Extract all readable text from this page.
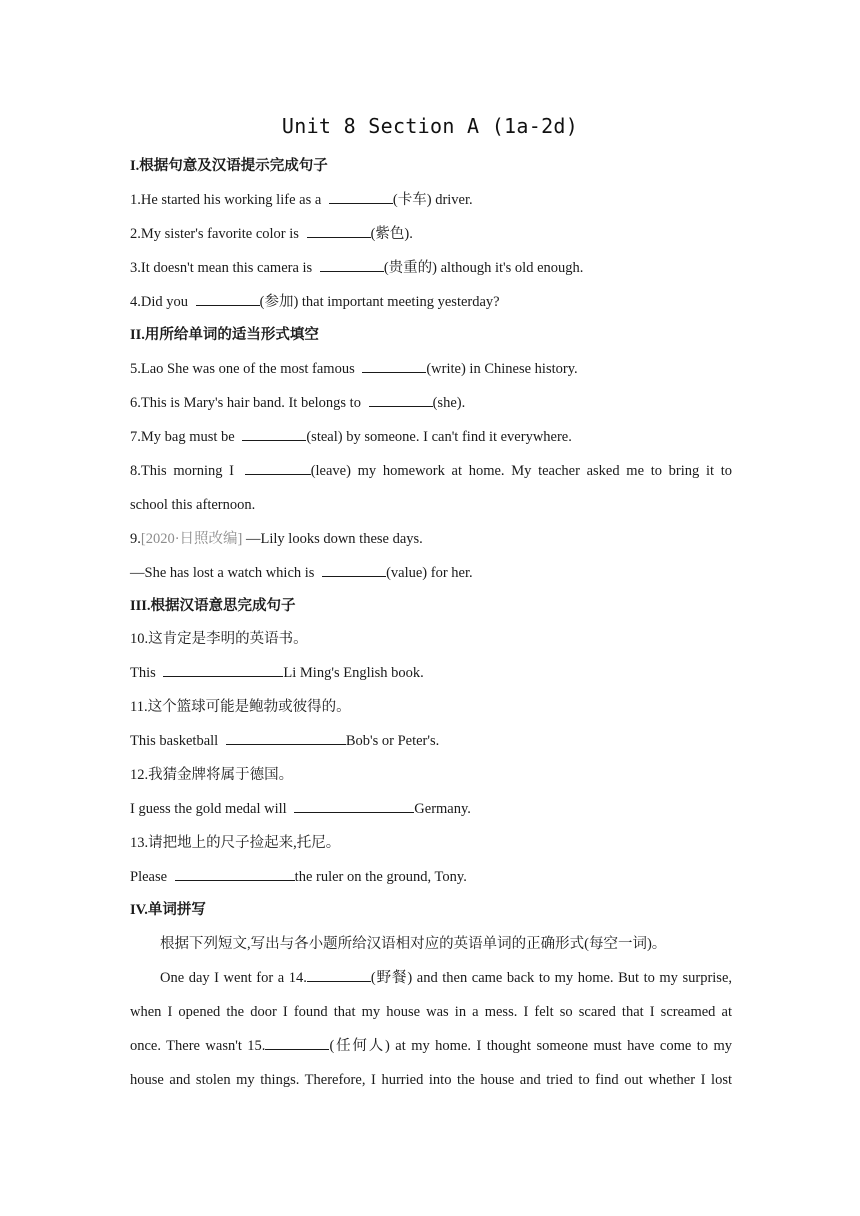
Unit 8 Section A (1a-2d)
I.根据句意及汉语提示完成句子
1.He started his working life as a	(卡车) driver.
2.My sister's favorite color is	(紫色).
3.It doesn't mean this camera is	(贵重的) although it's old enough.
4.Did you	(参加) that important meeting yesterday?
II.用所给单词的适当形式填空
5.Lao She was one of the most famous	(write) in Chinese history.
6.This is Mary's hair band. It belongs to	(she).
7.My bag must be	(steal) by someone. I can't find it everywhere.
8.This morning I	(leave) my homework at home. My teacher asked me to bring it to
school this afternoon.
9.[2020·日照改编] —Lily looks down these days.
—She has lost a watch which is	(value) for her.
III.根据汉语意思完成句子
10.这肯定是李明的英语书。
This	Li Ming's English book.
11.这个篮球可能是鲍勃或彼得的。
This basketball	Bob's or Peter's.
12.我猜金牌将属于德国。
I guess the gold medal will	Germany.
13.请把地上的尺子捡起来,托尼。
Please	the ruler on the ground, Tony.
IV.单词拼写
根据下列短文,写出与各小题所给汉语相对应的英语单词的正确形式(每空一词)。
One day I went for a 14.	(野餐) and then came back to my home. But to my surprise,
when I opened the door I found that my house was in a mess. I felt so scared that I screamed at
once. There wasn't 15.	(任何人) at my home. I thought someone must have come to my
house and stolen my things. Therefore, I hurried into the house and tried to find out whether I lost
